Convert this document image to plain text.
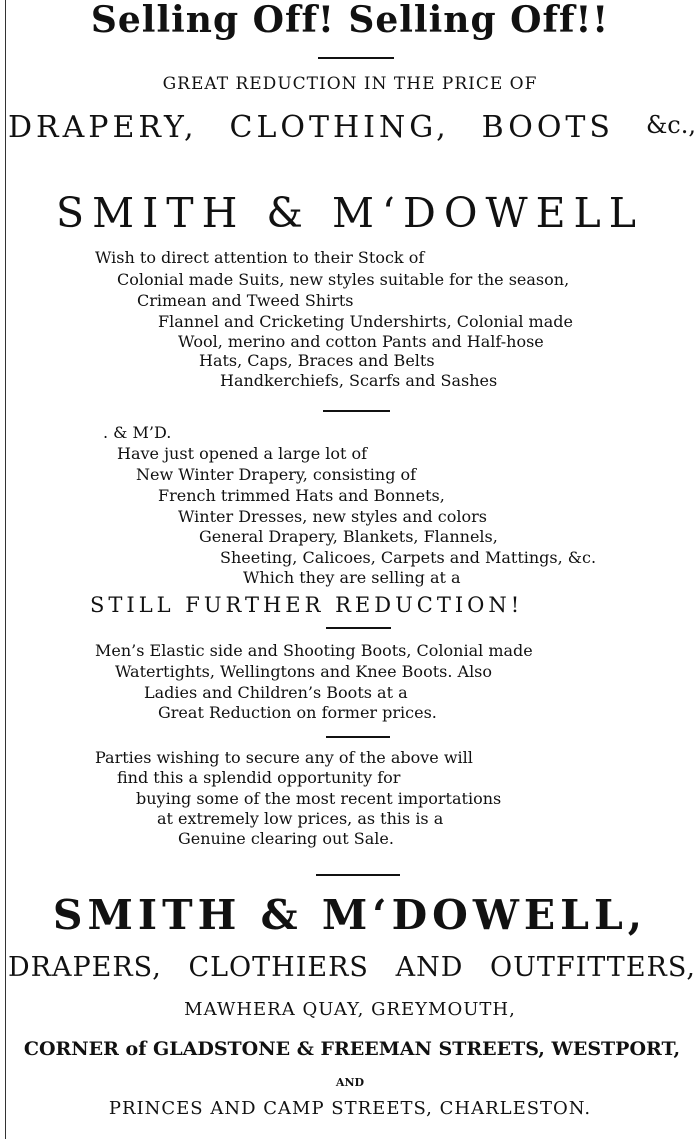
Selling Off! Selling Off!!
GREAT REDUCTION IN THE PRICE OF
DRAPERY, CLOTHING, BOOTS &c.,
SMITH & M‘DOWELL
Wish to direct attention to their Stock of
Colonial made Suits, new styles suitable for the season,
Crimean and Tweed Shirts
Flannel and Cricketing Undershirts, Colonial made
Wool, merino and cotton Pants and Half-hose
Hats, Caps, Braces and Belts
Handkerchiefs, Scarfs and Sashes
. & M’D.
Have just opened a large lot of
New Winter Drapery, consisting of
French trimmed Hats and Bonnets,
Winter Dresses, new styles and colors
General Drapery, Blankets, Flannels,
Sheeting, Calicoes, Carpets and Mattings, &c.
Which they are selling at a
STILL FURTHER REDUCTION!
Men’s Elastic side and Shooting Boots, Colonial made
Watertights, Wellingtons and Knee Boots. Also
Ladies and Children’s Boots at a
Great Reduction on former prices.
Parties wishing to secure any of the above will
find this a splendid opportunity for
buying some of the most recent importations
at extremely low prices, as this is a
Genuine clearing out Sale.
SMITH & M‘DOWELL,
DRAPERS, CLOTHIERS AND OUTFITTERS,
MAWHERA QUAY, GREYMOUTH,
CORNER of GLADSTONE & FREEMAN STREETS, WESTPORT,
AND
PRINCES AND CAMP STREETS, CHARLESTON.
